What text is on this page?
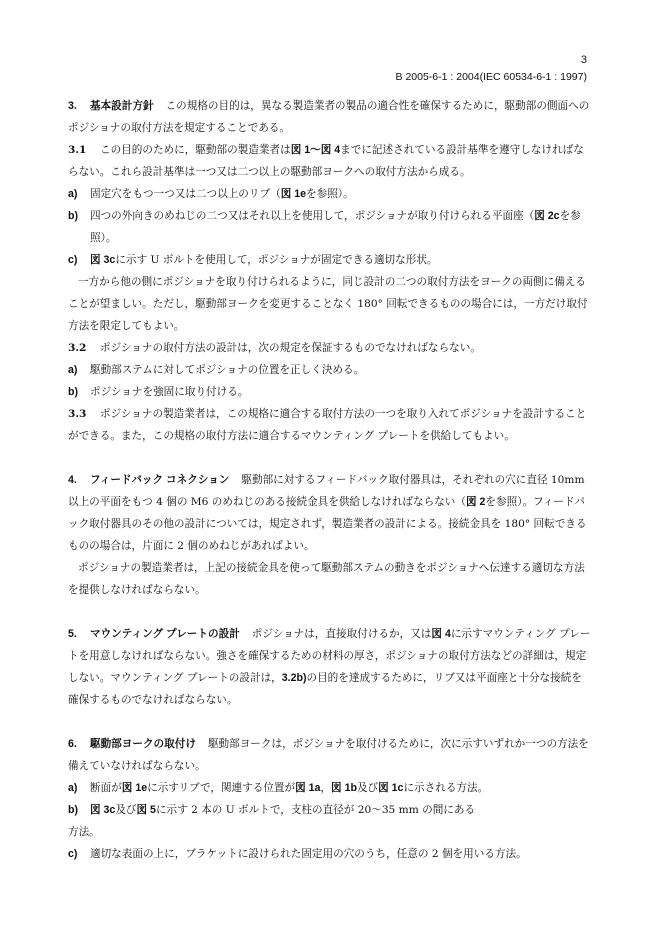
3
B 2005-6-1 : 2004(IEC 60534-6-1 : 1997)

3. 基本設計方針 この規格の目的は，異なる製造業者の製品の適合性を確保するために，駆動部の側面へのポジショナの取付方法を規定することである。

3.1 この目的のために，駆動部の製造業者は図 1〜図 4までに記述されている設計基準を遵守しなければならない。これら設計基準は一つ又は二つ以上の駆動部ヨークへの取付方法から成る。

a) 固定穴をもつ一つ又は二つ以上のリブ（図 1eを参照）。

b) 四つの外向きのめねじの二つ又はそれ以上を使用して，ポジショナが取り付けられる平面座（図 2cを参照）。

c) 図 3cに示す U ボルトを使用して，ポジショナが固定できる適切な形状。

一方から他の側にポジショナを取り付けられるように，同じ設計の二つの取付方法をヨークの両側に備えることが望ましい。ただし，駆動部ヨークを変更することなく 180° 回転できるものの場合には，一方だけ取付方法を限定してもよい。

3.2 ポジショナの取付方法の設計は，次の規定を保証するものでなければならない。

a) 駆動部ステムに対してポジショナの位置を正しく決める。

b) ポジショナを強固に取り付ける。

3.3 ポジショナの製造業者は，この規格に適合する取付方法の一つを取り入れてポジショナを設計することができる。また，この規格の取付方法に適合するマウンティング プレートを供給してもよい。

4. フィードバック コネクション 駆動部に対するフィードバック取付器具は，それぞれの穴に直径 10mm 以上の平面をもつ 4 個の M6 のめねじのある接続金具を供給しなければならない（図 2を参照）。フィードバック取付器具のその他の設計については，規定されず，製造業者の設計による。接続金具を 180° 回転できるものの場合は，片面に 2 個のめねじがあればよい。

ポジショナの製造業者は，上記の接続金具を使って駆動部ステムの動きをポジショナへ伝達する適切な方法を提供しなければならない。

5. マウンティング プレートの設計 ポジショナは，直接取付けるか，又は図 4に示すマウンティング プレートを用意しなければならない。強さを確保するための材料の厚さ，ポジショナの取付方法などの詳細は，規定しない。マウンティング プレートの設計は，3.2b)の目的を達成するために，リブ又は平面座と十分な接続を確保するものでなければならない。

6. 駆動部ヨークの取付け 駆動部ヨークは，ポジショナを取付けるために，次に示すいずれか一つの方法を備えていなければならない。

a) 断面が図 1eに示すリブで，関連する位置が図 1a，図 1b及び図 1cに示される方法。

b) 図 3c及び図 5に示す 2 本の U ボルトで，支柱の直径が 20〜35 mm の間にある

方法。

c) 適切な表面の上に，ブラケットに設けられた固定用の穴のうち，任意の 2 個を用いる方法。
